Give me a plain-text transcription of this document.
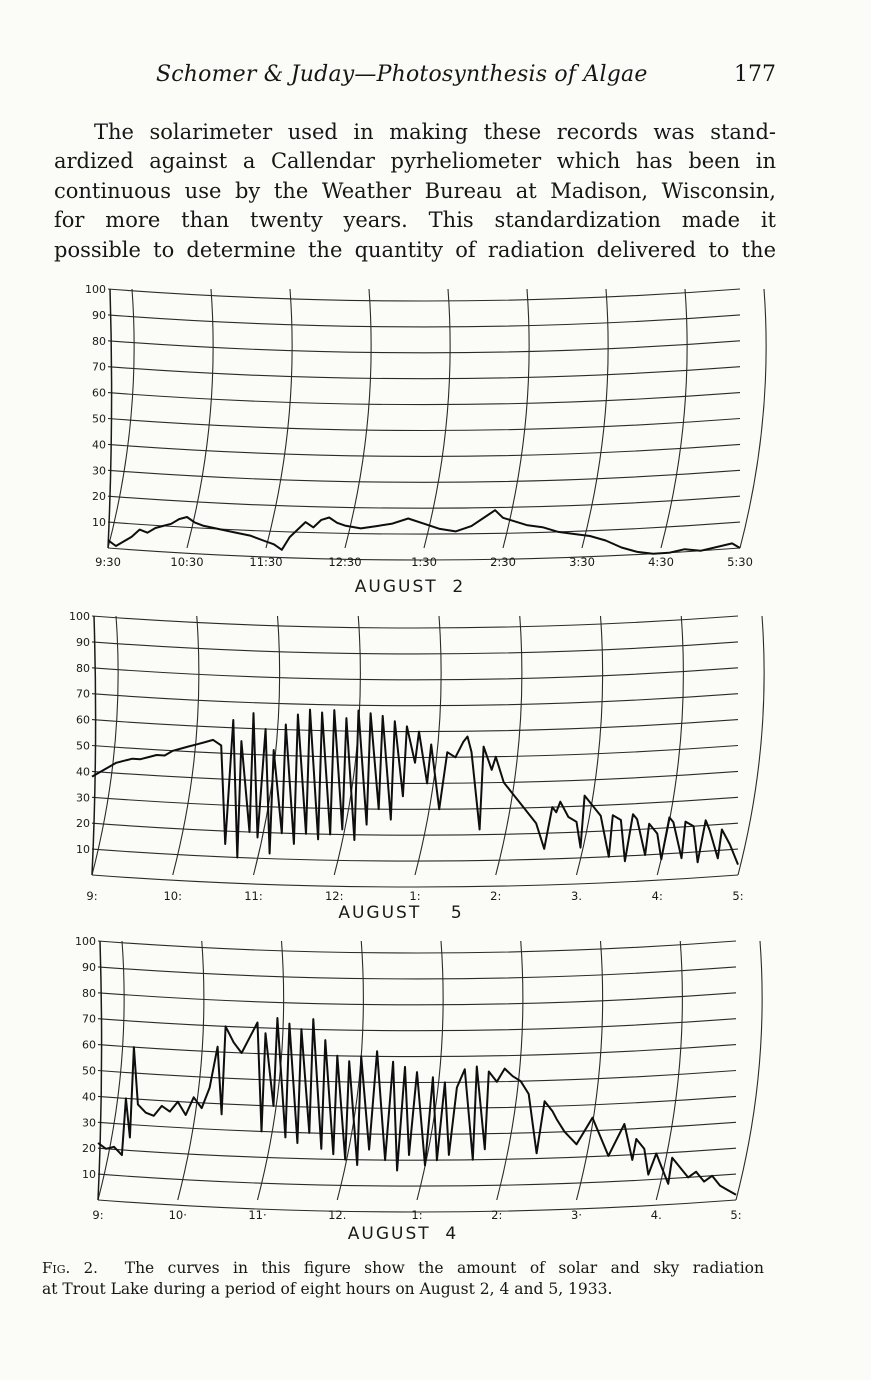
Schomer & Juday—Photosynthesis of Algae	177
The solarimeter used in making these records was stand-
ardized against a Callendar pyrheliometer which has been in
continuous use by the Weather Bureau at Madison, Wisconsin,
for more than twenty years. This standardization made it
possible to determine the quantity of radiation delivered to the
100
90
80
70
60
50
40
30
20
10
9:30	10:30	11:30	12:30	1:30	2:30	3:30	4:30	5:30
AUGUST  2
100
90
80
70
60
50
40
30
20
10
9:	10:	11:	12:	1:	2:	3.	4:	5:
AUGUST    5
100
90
80
70
60
50
40
30
20
10
9:	10·	11·	12.	1:	2:	3·	4.	5:
AUGUST  4
Fig. 2. The curves in this figure show the amount of solar and sky radiation
at Trout Lake during a period of eight hours on August 2, 4 and 5, 1933.
